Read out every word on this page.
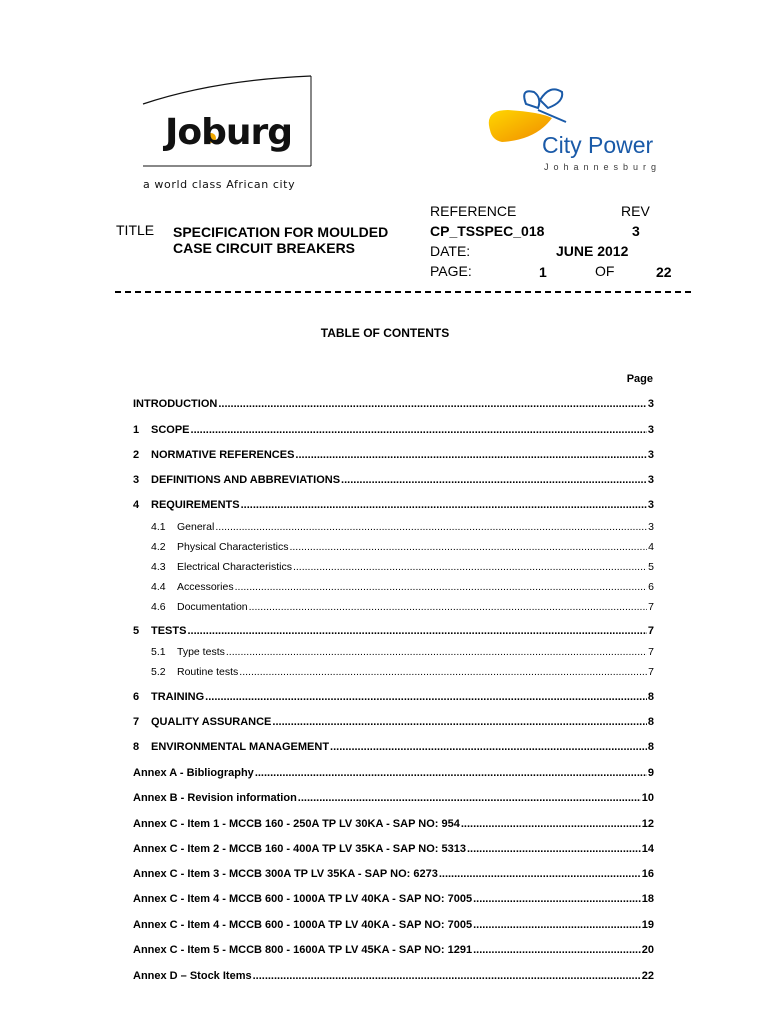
Joburg
a world class African city
City Power
Johannesburg
TITLE SPECIFICATION FOR MOULDED
CASE CIRCUIT BREAKERS
REFERENCE	REV
CP_TSSPEC_018	3
DATE:	JUNE 2012
PAGE:	1	OF	22
TABLE OF CONTENTS
Page
INTRODUCTION .....	3
1	SCOPE .....	3
2	NORMATIVE REFERENCES .....	3
3	DEFINITIONS AND ABBREVIATIONS .....	3
4	REQUIREMENTS .....	3
4.1	General .....	3
4.2	Physical Characteristics .....	4
4.3	Electrical Characteristics .....	5
4.4	Accessories .....	6
4.6	Documentation .....	7
5	TESTS .....	7
5.1	Type tests .....	7
5.2	Routine tests .....	7
6	TRAINING .....	8
7	QUALITY ASSURANCE .....	8
8	ENVIRONMENTAL MANAGEMENT .....	8
Annex A - Bibliography .....	9
Annex B - Revision information .....	10
Annex C - Item 1 - MCCB 160 - 250A TP LV 30KA - SAP NO: 954 .....	12
Annex C - Item 2 - MCCB 160 - 400A TP LV 35KA - SAP NO: 5313 .....	14
Annex C - Item 3 - MCCB 300A TP LV 35KA - SAP NO: 6273 .....	16
Annex C - Item 4 - MCCB 600 - 1000A TP LV 40KA - SAP NO: 7005 .....	18
Annex C - Item 4 - MCCB 600 - 1000A TP LV 40KA - SAP NO: 7005 .....	19
Annex C - Item 5 - MCCB 800 - 1600A TP LV 45KA - SAP NO: 1291 .....	20
Annex D – Stock Items .....	22
